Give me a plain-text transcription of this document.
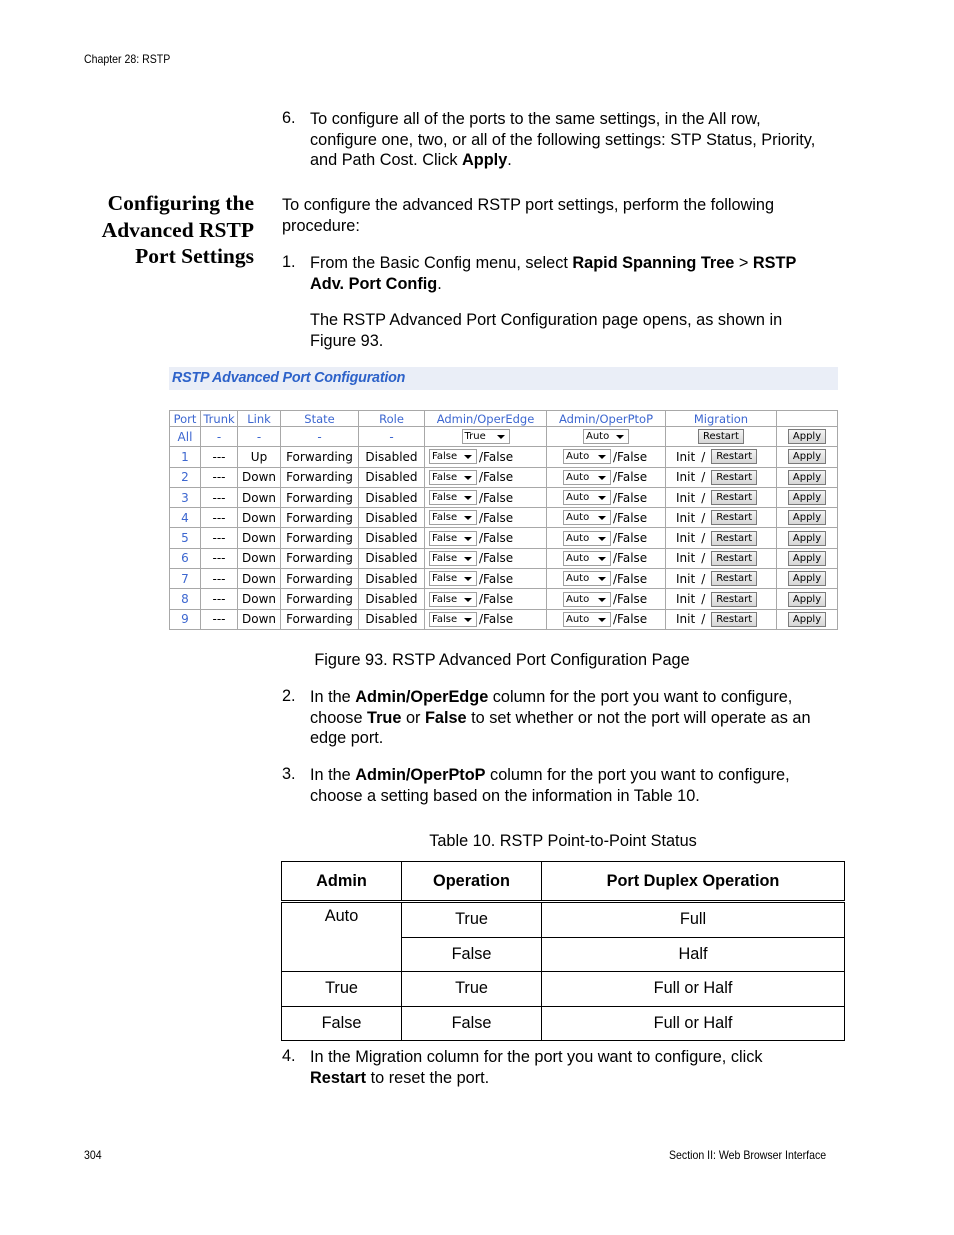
Chapter 28: RSTP
6. To configure all of the ports to the same settings, in the All row,
configure one, two, or all of the following settings: STP Status, Priority,
and Path Cost. Click Apply.
Configuring the
Advanced RSTP
Port Settings
To configure the advanced RSTP port settings, perform the following
procedure:
1. From the Basic Config menu, select Rapid Spanning Tree > RSTP
Adv. Port Config.
The RSTP Advanced Port Configuration page opens, as shown in
Figure 93.
RSTP Advanced Port Configuration
Port	Trunk	Link	State	Role	Admin/OperEdge	Admin/OperPtoP	Migration	
All	-	-	-	-	True	Auto	Restart	Apply
1	---	Up	Forwarding	Disabled	False /False	Auto /False	Init / Restart	Apply
2	---	Down	Forwarding	Disabled	False /False	Auto /False	Init / Restart	Apply
3	---	Down	Forwarding	Disabled	False /False	Auto /False	Init / Restart	Apply
4	---	Down	Forwarding	Disabled	False /False	Auto /False	Init / Restart	Apply
5	---	Down	Forwarding	Disabled	False /False	Auto /False	Init / Restart	Apply
6	---	Down	Forwarding	Disabled	False /False	Auto /False	Init / Restart	Apply
7	---	Down	Forwarding	Disabled	False /False	Auto /False	Init / Restart	Apply
8	---	Down	Forwarding	Disabled	False /False	Auto /False	Init / Restart	Apply
9	---	Down	Forwarding	Disabled	False /False	Auto /False	Init / Restart	Apply
Figure 93. RSTP Advanced Port Configuration Page
2. In the Admin/OperEdge column for the port you want to configure,
choose True or False to set whether or not the port will operate as an
edge port.
3. In the Admin/OperPtoP column for the port you want to configure,
choose a setting based on the information in Table 10.
Table 10. RSTP Point-to-Point Status
Admin	Operation	Port Duplex Operation
Auto	True	Full
	False	Half
True	True	Full or Half
False	False	Full or Half
4. In the Migration column for the port you want to configure, click
Restart to reset the port.
304	Section II: Web Browser Interface
